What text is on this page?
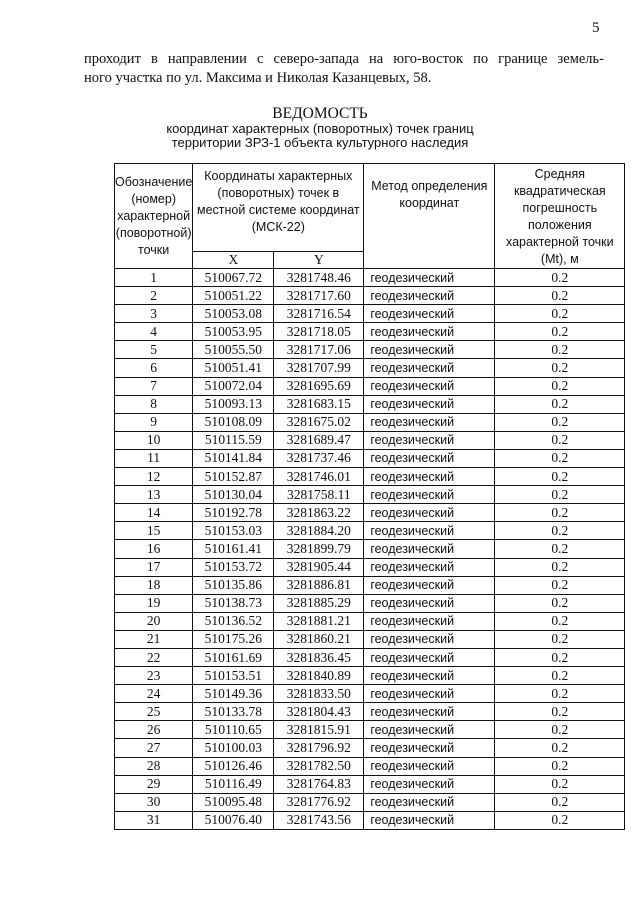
5
проходит в направлении с северо-запада на юго-восток по границе земель-
ного участка по ул. Максима и Николая Казанцевых, 58.
ВЕДОМОСТЬ
координат характерных (поворотных) точек границ
территории ЗРЗ-1 объекта культурного наследия
Обозначение (номер) характерной (поворотной) точки	Координаты характерных (поворотных) точек в местной системе координат (МСК-22)		Метод определения координат	Средняя квадратическая погрешность положения характерной точки (Mt), м
	X	Y		
1	510067.72	3281748.46	геодезический	0.2
2	510051.22	3281717.60	геодезический	0.2
3	510053.08	3281716.54	геодезический	0.2
4	510053.95	3281718.05	геодезический	0.2
5	510055.50	3281717.06	геодезический	0.2
6	510051.41	3281707.99	геодезический	0.2
7	510072.04	3281695.69	геодезический	0.2
8	510093.13	3281683.15	геодезический	0.2
9	510108.09	3281675.02	геодезический	0.2
10	510115.59	3281689.47	геодезический	0.2
11	510141.84	3281737.46	геодезический	0.2
12	510152.87	3281746.01	геодезический	0.2
13	510130.04	3281758.11	геодезический	0.2
14	510192.78	3281863.22	геодезический	0.2
15	510153.03	3281884.20	геодезический	0.2
16	510161.41	3281899.79	геодезический	0.2
17	510153.72	3281905.44	геодезический	0.2
18	510135.86	3281886.81	геодезический	0.2
19	510138.73	3281885.29	геодезический	0.2
20	510136.52	3281881.21	геодезический	0.2
21	510175.26	3281860.21	геодезический	0.2
22	510161.69	3281836.45	геодезический	0.2
23	510153.51	3281840.89	геодезический	0.2
24	510149.36	3281833.50	геодезический	0.2
25	510133.78	3281804.43	геодезический	0.2
26	510110.65	3281815.91	геодезический	0.2
27	510100.03	3281796.92	геодезический	0.2
28	510126.46	3281782.50	геодезический	0.2
29	510116.49	3281764.83	геодезический	0.2
30	510095.48	3281776.92	геодезический	0.2
31	510076.40	3281743.56	геодезический	0.2
